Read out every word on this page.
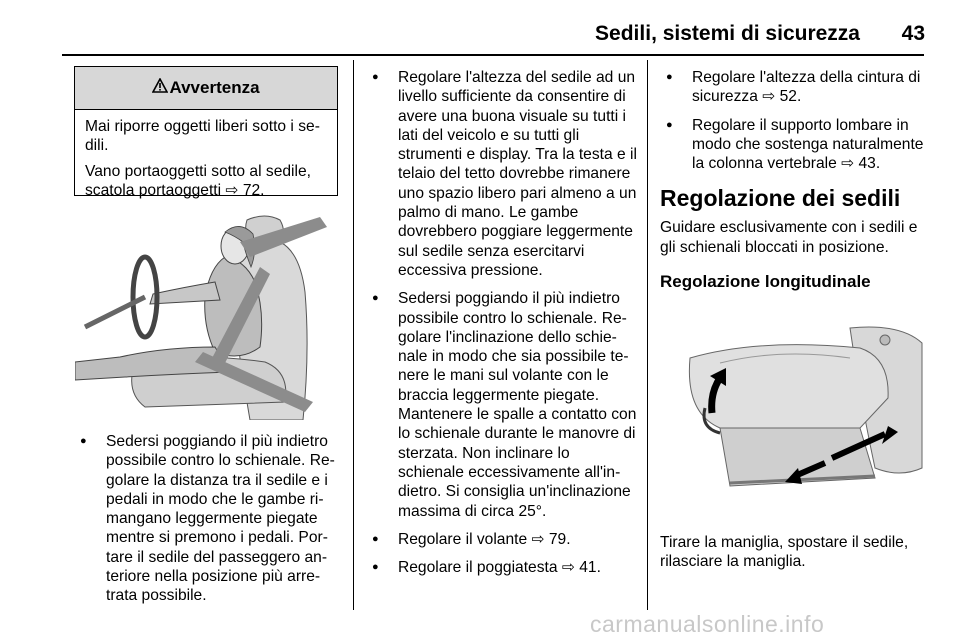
Sedili, sistemi di sicurezza 43
Avvertenza

Mai riporre oggetti liberi sotto i sedili.

Vano portaoggetti sotto al sedile, scatola portaoggetti ⇨ 72.

● Sedersi poggiando il più indietro possibile contro lo schienale. Regolare la distanza tra il sedile e i pedali in modo che le gambe rimangano leggermente piegate mentre si premono i pedali. Portare il sedile del passeggero anteriore nella posizione più arretrata possibile.
● Regolare l'altezza del sedile ad un livello sufficiente da consentire di avere una buona visuale su tutti i lati del veicolo e su tutti gli strumenti e display. Tra la testa e il telaio del tetto dovrebbe rimanere uno spazio libero pari almeno a un palmo di mano. Le gambe dovrebbero poggiare leggermente sul sedile senza esercitarvi eccessiva pressione.
● Sedersi poggiando il più indietro possibile contro lo schienale. Regolare l'inclinazione dello schienale in modo che sia possibile tenere le mani sul volante con le braccia leggermente piegate. Mantenere le spalle a contatto con lo schienale durante le manovre di sterzata. Non inclinare lo schienale eccessivamente all'indietro. Si consiglia un'inclinazione massima di circa 25°.
● Regolare il volante ⇨ 79.
● Regolare il poggiatesta ⇨ 41.
● Regolare l'altezza della cintura di sicurezza ⇨ 52.
● Regolare il supporto lombare in modo che sostenga naturalmente la colonna vertebrale ⇨ 43.
Regolazione dei sedili

Guidare esclusivamente con i sedili e gli schienali bloccati in posizione.

Regolazione longitudinale

Tirare la maniglia, spostare il sedile, rilasciare la maniglia.

carmanualsonline.info
